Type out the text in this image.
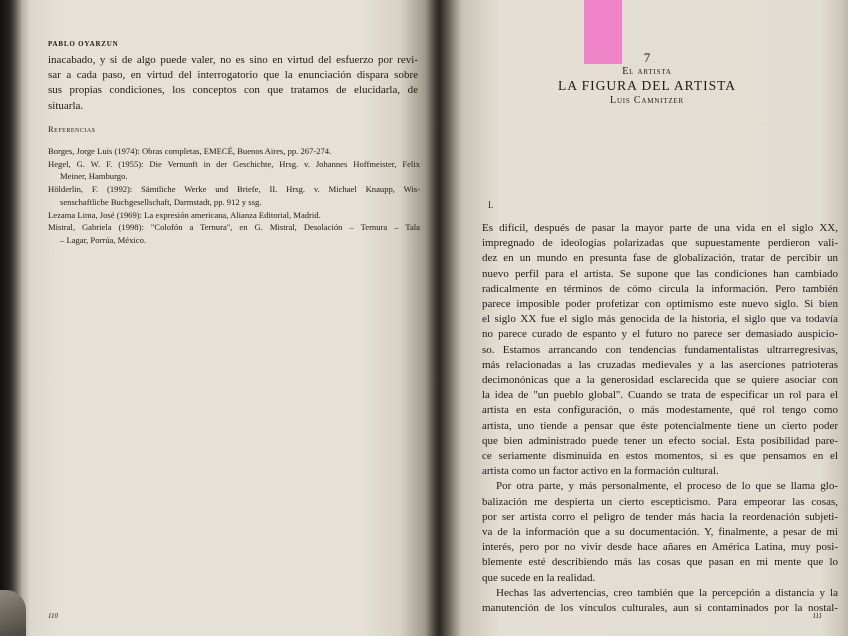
PABLO OYARZUN
inacabado, y si de algo puede valer, no es sino en virtud del esfuerzo por revi-
sar a cada paso, en virtud del interrogatorio que la enunciación dispara sobre
sus propias condiciones, los conceptos con que tratamos de elucidarla, de
situarla.
Referencias
Borges, Jorge Luis (1974): Obras completas, EMECÉ, Buenos Aires, pp. 267-274.
Hegel, G. W. F. (1955): Die Vernunft in der Geschichte, Hrsg. v. Johannes Hoffmeister, Felix
Meiner, Hamburgo.
Hölderlin, F. (1992): Sämtliche Werke und Briefe, II. Hrsg. v. Michael Knaupp, Wis-
senschaftliche Buchgesellschaft, Darmstadt, pp. 912 y ssg.
Lezama Lima, José (1969): La expresión americana, Alianza Editorial, Madrid.
Mistral, Gabriela (1998): "Colofón a Ternura", en G. Mistral, Desolación – Ternura – Tala
– Lagar, Porrúa, México.
110
7
El artista
LA FIGURA DEL ARTISTA
Luis Camnitzer
I.
Es difícil, después de pasar la mayor parte de una vida en el siglo XX,
impregnado de ideologías polarizadas que supuestamente perdieron vali-
dez en un mundo en presunta fase de globalización, tratar de percibir un
nuevo perfil para el artista. Se supone que las condiciones han cambiado
radicalmente en términos de cómo circula la información. Pero también
parece imposible poder profetizar con optimismo este nuevo siglo. Si bien
el siglo XX fue el siglo más genocida de la historia, el siglo que va todavía
no parece curado de espanto y el futuro no parece ser demasiado auspicio-
so. Estamos arrancando con tendencias fundamentalistas ultrarregresivas,
más relacionadas a las cruzadas medievales y a las aserciones patrioteras
decimonónicas que a la generosidad esclarecida que se quiere asociar con
la idea de "un pueblo global". Cuando se trata de especificar un rol para el
artista en esta configuración, o más modestamente, qué rol tengo como
artista, uno tiende a pensar que éste potencialmente tiene un cierto poder
que bien administrado puede tener un efecto social. Esta posibilidad pare-
ce seriamente disminuida en estos momentos, si es que pensamos en el
artista como un factor activo en la formación cultural.
Por otra parte, y más personalmente, el proceso de lo que se llama glo-
balización me despierta un cierto escepticismo. Para empeorar las cosas,
por ser artista corro el peligro de tender más hacia la reordenación subjeti-
va de la información que a su documentación. Y, finalmente, a pesar de mi
interés, pero por no vivir desde hace añares en América Latina, muy posi-
blemente esté describiendo más las cosas que pasan en mi mente que lo
que sucede en la realidad.
Hechas las advertencias, creo también que la percepción a distancia y la
manutención de los vínculos culturales, aun si contaminados por la nostal-
111
